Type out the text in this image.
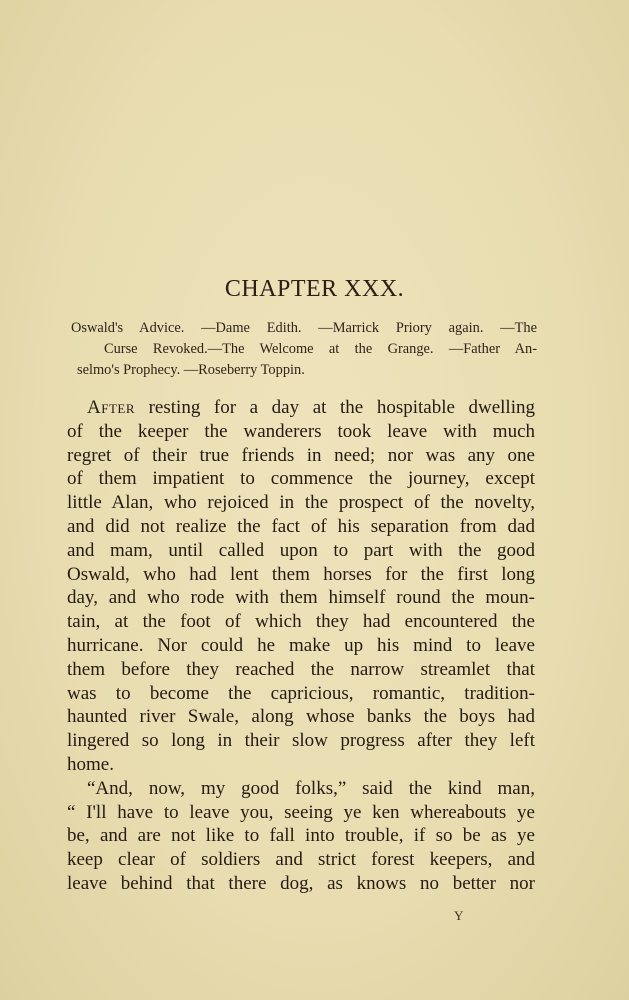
CHAPTER XXX.
Oswald's Advice. —Dame Edith. —Marrick Priory again. —The
Curse Revoked.—The Welcome at the Grange. —Father An-
selmo's Prophecy. —Roseberry Toppin.
After resting for a day at the hospitable dwelling
of the keeper the wanderers took leave with much
regret of their true friends in need; nor was any one
of them impatient to commence the journey, except
little Alan, who rejoiced in the prospect of the novelty,
and did not realize the fact of his separation from dad
and mam, until called upon to part with the good
Oswald, who had lent them horses for the first long
day, and who rode with them himself round the moun-
tain, at the foot of which they had encountered the
hurricane. Nor could he make up his mind to leave
them before they reached the narrow streamlet that
was to become the capricious, romantic, tradition-
haunted river Swale, along whose banks the boys had
lingered so long in their slow progress after they left
home.
“And, now, my good folks,” said the kind man,
“ I'll have to leave you, seeing ye ken whereabouts ye
be, and are not like to fall into trouble, if so be as ye
keep clear of soldiers and strict forest keepers, and
leave behind that there dog, as knows no better nor
Y
